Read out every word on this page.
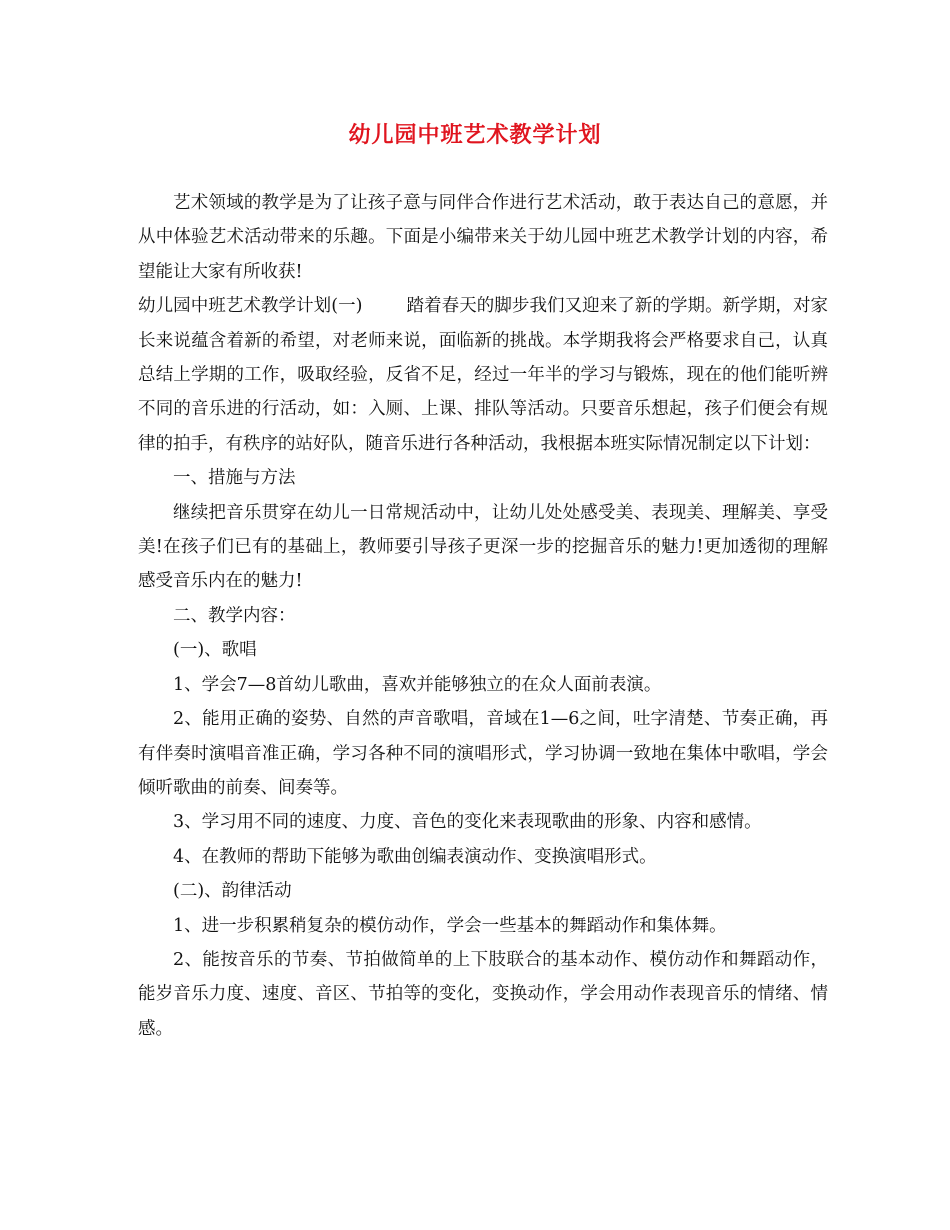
幼儿园中班艺术教学计划

艺术领域的教学是为了让孩子意与同伴合作进行艺术活动，敢于表达自己的意愿，并从中体验艺术活动带来的乐趣。下面是小编带来关于幼儿园中班艺术教学计划的内容，希望能让大家有所收获!

幼儿园中班艺术教学计划(一)	踏着春天的脚步我们又迎来了新的学期。新学期，对家长来说蕴含着新的希望，对老师来说，面临新的挑战。本学期我将会严格要求自己，认真总结上学期的工作，吸取经验，反省不足，经过一年半的学习与锻炼，现在的他们能听辨不同的音乐进的行活动，如：入厕、上课、排队等活动。只要音乐想起，孩子们便会有规律的拍手，有秩序的站好队，随音乐进行各种活动，我根据本班实际情况制定以下计划：

一、措施与方法

继续把音乐贯穿在幼儿一日常规活动中，让幼儿处处感受美、表现美、理解美、享受美!在孩子们已有的基础上，教师要引导孩子更深一步的挖掘音乐的魅力!更加透彻的理解感受音乐内在的魅力!

二、教学内容：

(一)、歌唱

1、学会7—8首幼儿歌曲，喜欢并能够独立的在众人面前表演。

2、能用正确的姿势、自然的声音歌唱，音域在1—6之间，吐字清楚、节奏正确，再有伴奏时演唱音准正确，学习各种不同的演唱形式，学习协调一致地在集体中歌唱，学会倾听歌曲的前奏、间奏等。

3、学习用不同的速度、力度、音色的变化来表现歌曲的形象、内容和感情。

4、在教师的帮助下能够为歌曲创编表演动作、变换演唱形式。

(二)、韵律活动

1、进一步积累稍复杂的模仿动作，学会一些基本的舞蹈动作和集体舞。

2、能按音乐的节奏、节拍做简单的上下肢联合的基本动作、模仿动作和舞蹈动作，能岁音乐力度、速度、音区、节拍等的变化，变换动作，学会用动作表现音乐的情绪、情感。
